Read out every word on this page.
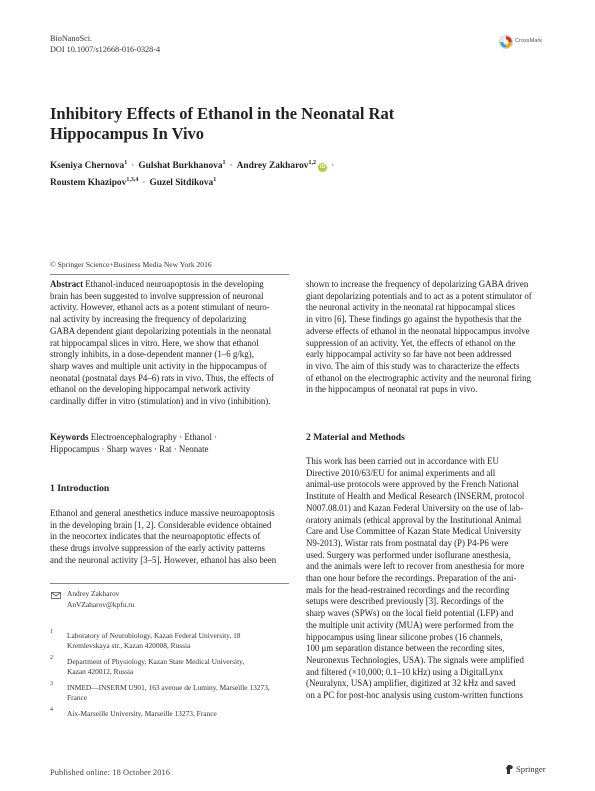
BioNanoSci.
DOI 10.1007/s12668-016-0328-4
CrossMark
Inhibitory Effects of Ethanol in the Neonatal Rat
Hippocampus In Vivo
Kseniya Chernova$^1$ · Gulshat Burkhanova$^1$ · Andrey Zakharov$^{1,2}$ iD ·
Roustem Khazipov$^{1,3,4}$ · Guzel Sitdikova$^1$
© Springer Science+Business Media New York 2016

Abstract Ethanol-induced neuroapoptosis in the developing

brain has been suggested to involve suppression of neuronal

activity. However, ethanol acts as a potent stimulant of neuro-

nal activity by increasing the frequency of depolarizing

GABA dependent giant depolarizing potentials in the neonatal

rat hippocampal slices in vitro. Here, we show that ethanol

strongly inhibits, in a dose-dependent manner (1–6 g/kg),

sharp waves and multiple unit activity in the hippocampus of

neonatal (postnatal days P4–6) rats in vivo. Thus, the effects of

ethanol on the developing hippocampal network activity

cardinally differ in vitro (stimulation) and in vivo (inhibition).

Keywords Electroencephalography · Ethanol ·

Hippocampus · Sharp waves · Rat · Neonate

1 Introduction

Ethanol and general anesthetics induce massive neuroapoptosis

in the developing brain [1, 2]. Considerable evidence obtained

in the neocortex indicates that the neuroapoptotic effects of

these drugs involve suppression of the early activity patterns

and the neuronal activity [3–5]. However, ethanol has also been

Andrey Zakharov
AnVZaharov@kpfu.ru
1 Laboratory of Neurobiology, Kazan Federal University, 18
Kremlevskaya str., Kazan 420008, Russia
2 Department of Physiology, Kazan State Medical University,
Kazan 420012, Russia
3 INMED—INSERM U901, 163 avenue de Luminy, Marseille 13273,
France
4 Aix-Marseille University, Marseille 13273, France
Published online: 18 October 2016	Springer

shown to increase the frequency of depolarizing GABA driven

giant depolarizing potentials and to act as a potent stimulator of

the neuronal activity in the neonatal rat hippocampal slices

in vitro [6]. These findings go against the hypothesis that the

adverse effects of ethanol in the neonatal hippocampus involve

suppression of an activity. Yet, the effects of ethanol on the

early hippocampal activity so far have not been addressed

in vivo. The aim of this study was to characterize the effects

of ethanol on the electrographic activity and the neuronal firing

in the hippocampus of neonatal rat pups in vivo.

2 Material and Methods

This work has been carried out in accordance with EU

Directive 2010/63/EU for animal experiments and all

animal-use protocols were approved by the French National

Institute of Health and Medical Research (INSERM, protocol

N007.08.01) and Kazan Federal University on the use of lab-

oratory animals (ethical approval by the Institutional Animal

Care and Use Committee of Kazan State Medical University

N9-2013). Wistar rats from postnatal day (P) P4-P6 were

used. Surgery was performed under isoflurane anesthesia,

and the animals were left to recover from anesthesia for more

than one hour before the recordings. Preparation of the ani-

mals for the head-restrained recordings and the recording

setups were described previously [3]. Recordings of the

sharp waves (SPWs) on the local field potential (LFP) and

the multiple unit activity (MUA) were performed from the

hippocampus using linear silicone probes (16 channels,

100 μm separation distance between the recording sites,

Neuronexus Technologies, USA). The signals were amplified

and filtered (×10,000; 0.1–10 kHz) using a DigitalLynx

(Neuralynx, USA) amplifier, digitized at 32 kHz and saved

on a PC for post-hoc analysis using custom-written functions
